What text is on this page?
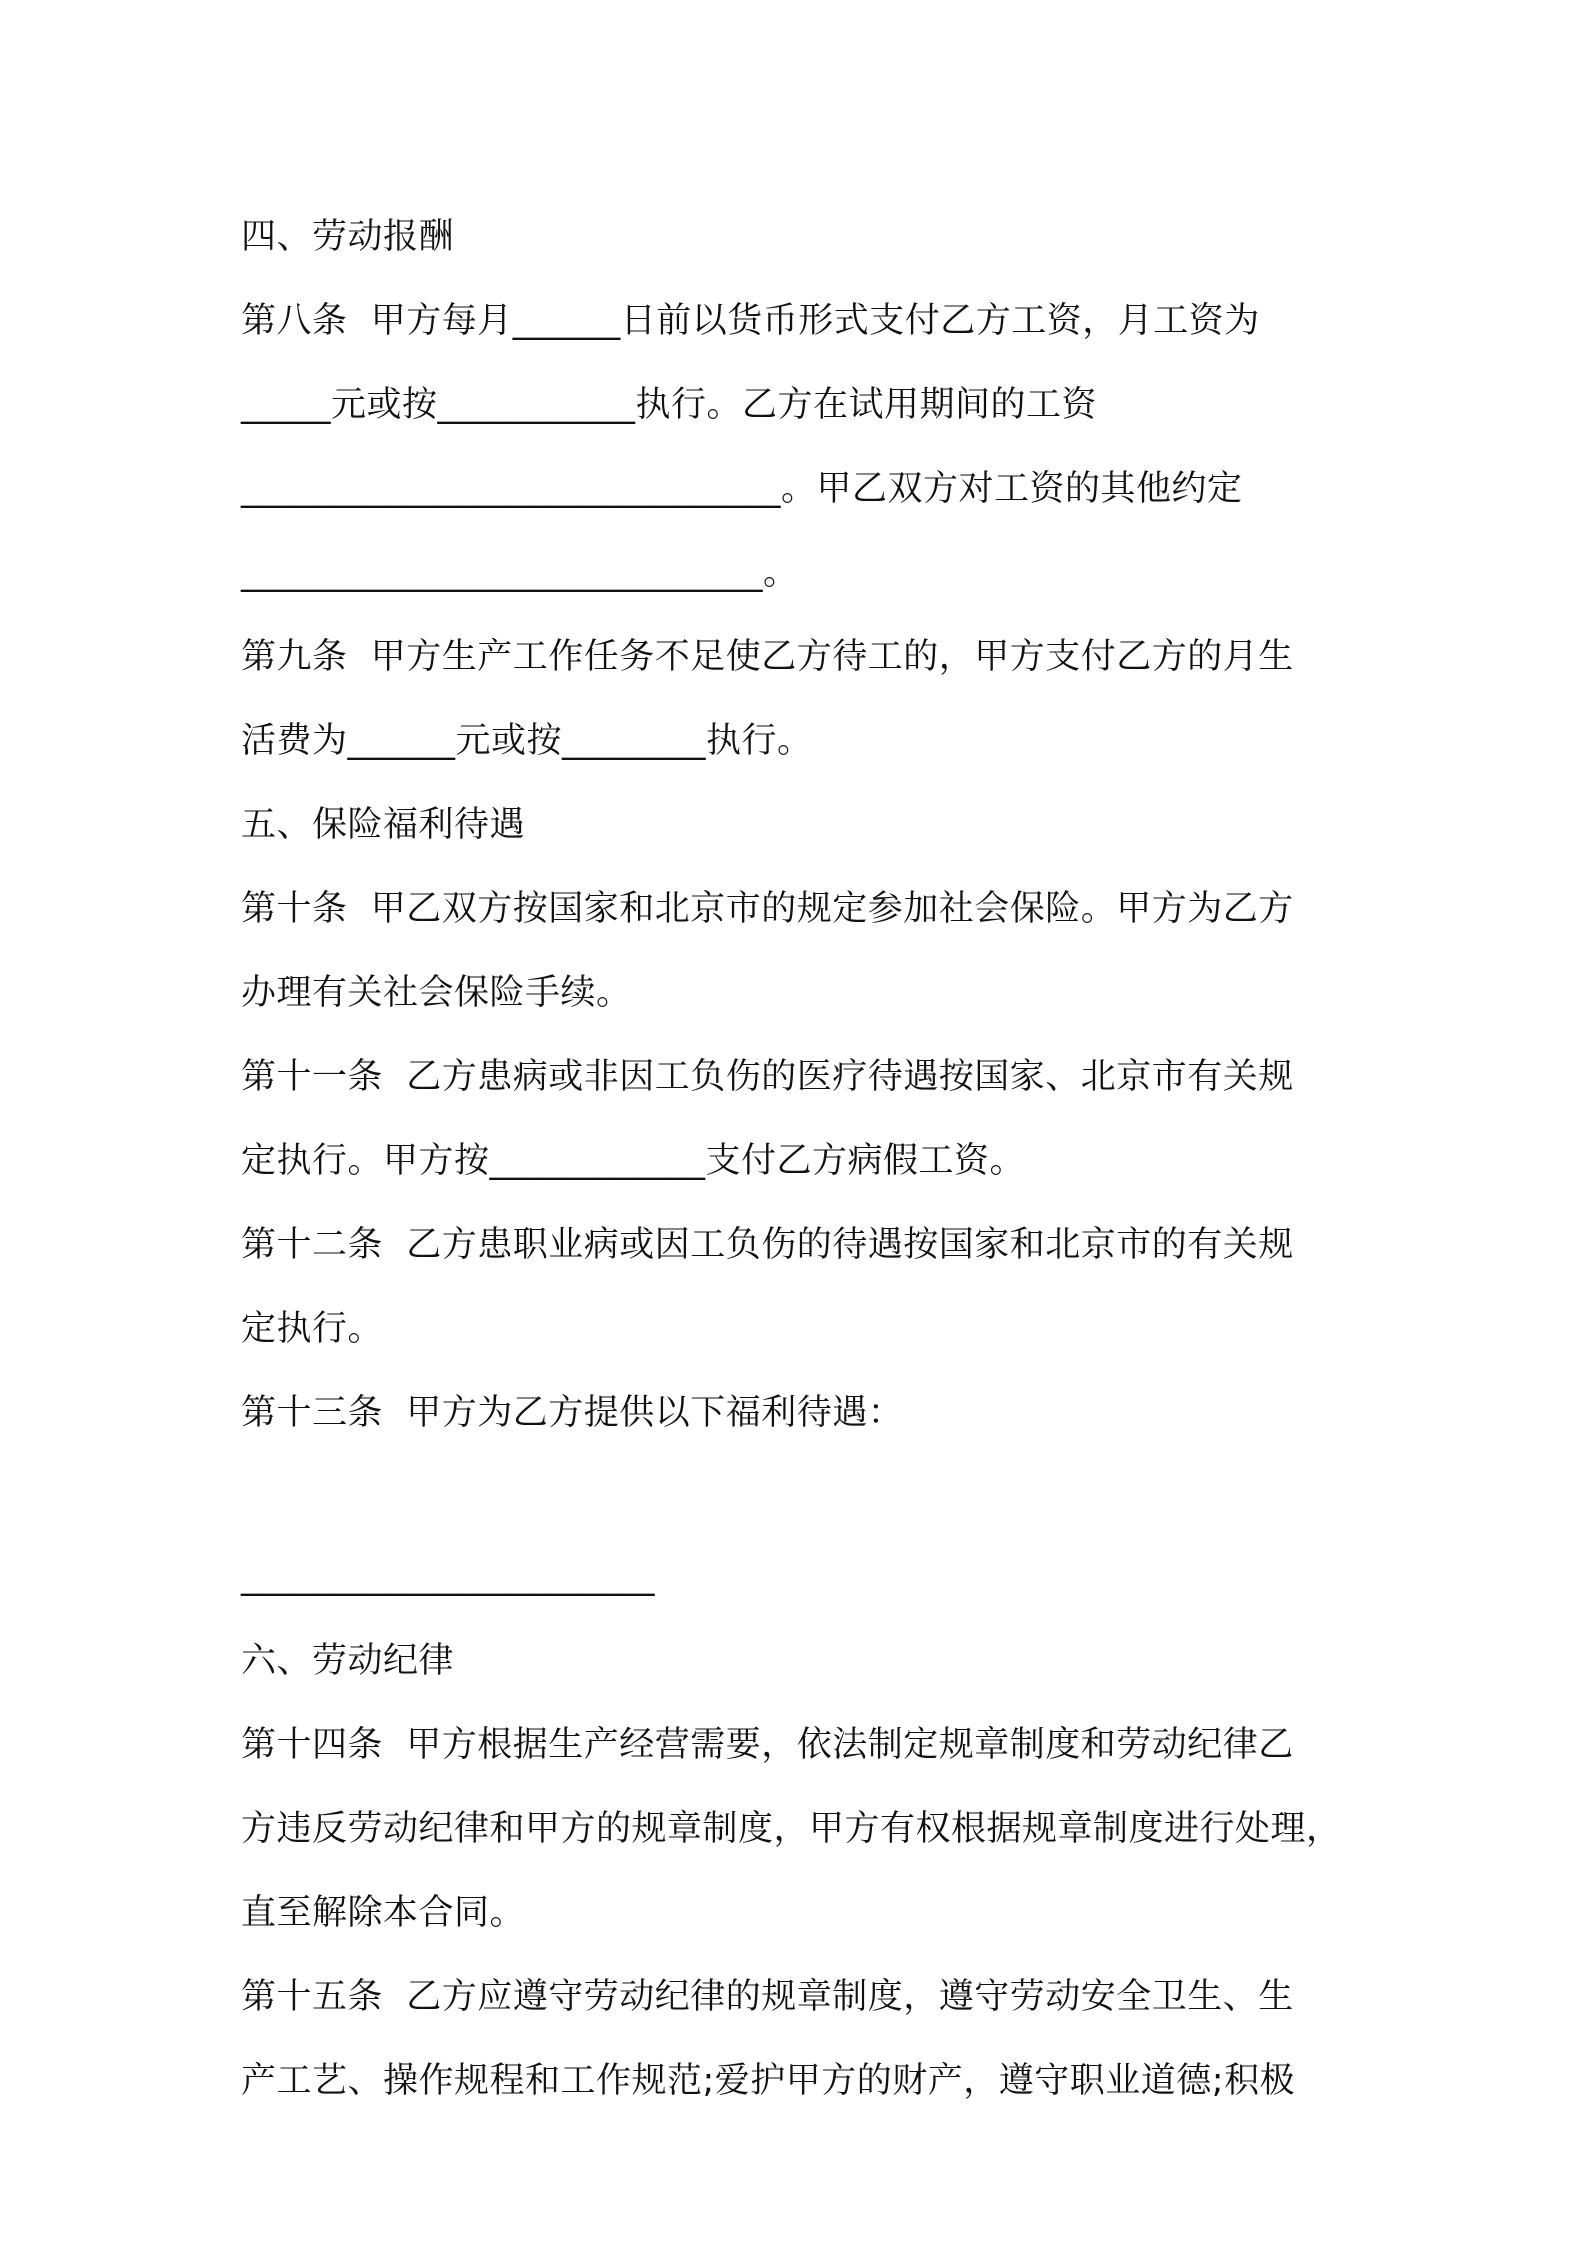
四、劳动报酬
第八条  甲方每月______日前以货币形式支付乙方工资，月工资为
_____元或按___________执行。乙方在试用期间的工资
______________________________。甲乙双方对工资的其他约定
_____________________________。
第九条  甲方生产工作任务不足使乙方待工的，甲方支付乙方的月生
活费为______元或按________执行。
五、保险福利待遇
第十条  甲乙双方按国家和北京市的规定参加社会保险。甲方为乙方
办理有关社会保险手续。
第十一条  乙方患病或非因工负伤的医疗待遇按国家、北京市有关规
定执行。甲方按____________支付乙方病假工资。
第十二条  乙方患职业病或因工负伤的待遇按国家和北京市的有关规
定执行。
第十三条  甲方为乙方提供以下福利待遇：
_______________________
六、劳动纪律
第十四条  甲方根据生产经营需要，依法制定规章制度和劳动纪律乙
方违反劳动纪律和甲方的规章制度，甲方有权根据规章制度进行处理，
直至解除本合同。
第十五条  乙方应遵守劳动纪律的规章制度，遵守劳动安全卫生、生
产工艺、操作规程和工作规范;爱护甲方的财产，遵守职业道德;积极
